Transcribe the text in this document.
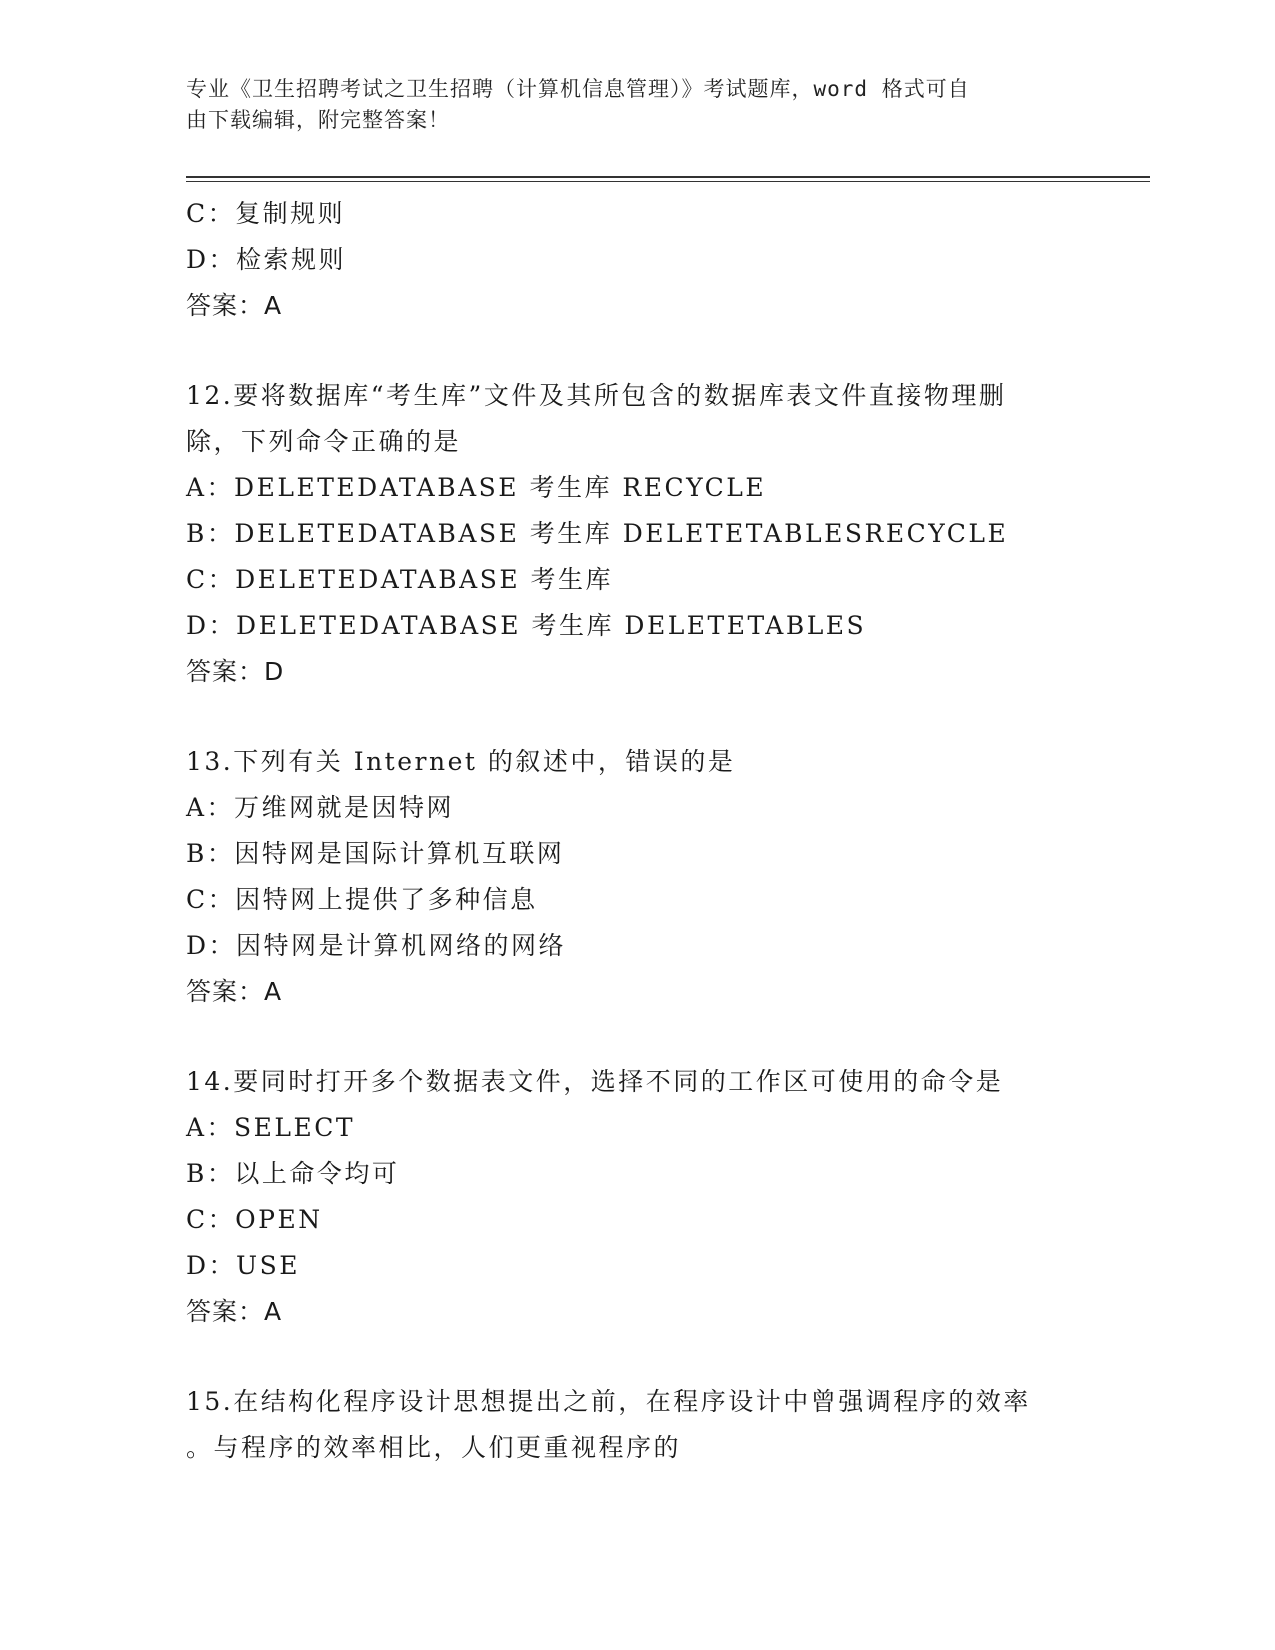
专业《卫生招聘考试之卫生招聘（计算机信息管理）》考试题库，word 格式可自
由下载编辑，附完整答案！
C：复制规则
D：检索规则
答案：A
12.要将数据库“考生库”文件及其所包含的数据库表文件直接物理删
除，下列命令正确的是
A：DELETEDATABASE 考生库 RECYCLE
B：DELETEDATABASE 考生库 DELETETABLESRECYCLE
C：DELETEDATABASE 考生库
D：DELETEDATABASE 考生库 DELETETABLES
答案：D
13.下列有关 Internet 的叙述中，错误的是
A：万维网就是因特网
B：因特网是国际计算机互联网
C：因特网上提供了多种信息
D：因特网是计算机网络的网络
答案：A
14.要同时打开多个数据表文件，选择不同的工作区可使用的命令是
A：SELECT
B：以上命令均可
C：OPEN
D：USE
答案：A
15.在结构化程序设计思想提出之前，在程序设计中曾强调程序的效率
。与程序的效率相比，人们更重视程序的
